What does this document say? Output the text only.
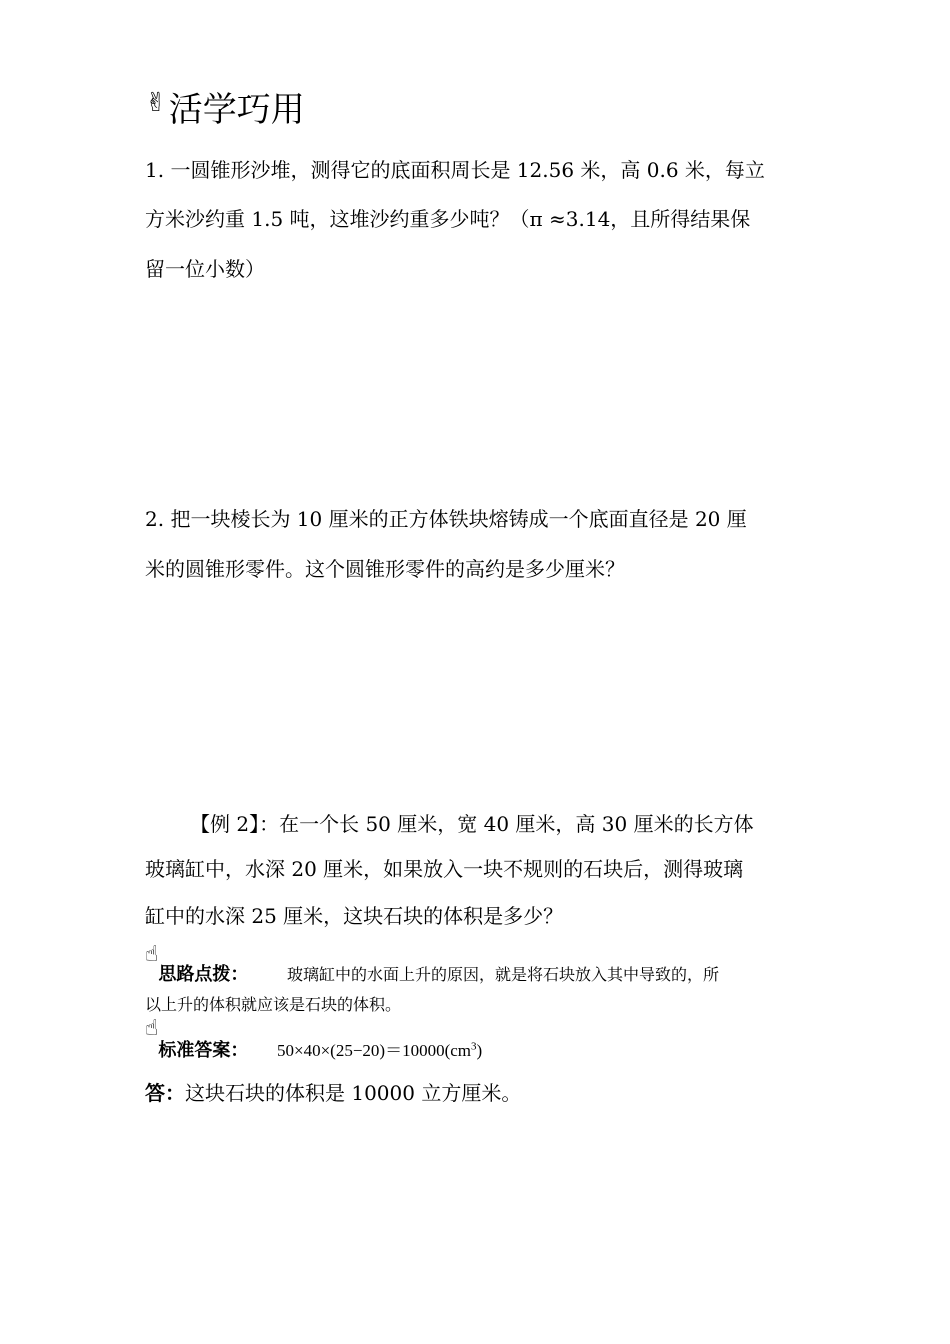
✌活学巧用
1. 一圆锥形沙堆，测得它的底面积周长是 12.56 米，高 0.6 米，每立
方米沙约重 1.5 吨，这堆沙约重多少吨？（π ≈3.14，且所得结果保
留一位小数）
2. 把一块棱长为 10 厘米的正方体铁块熔铸成一个底面直径是 20 厘
米的圆锥形零件。这个圆锥形零件的高约是多少厘米？
【例 2】：在一个长 50 厘米，宽 40 厘米，高 30 厘米的长方体
玻璃缸中，水深 20 厘米，如果放入一块不规则的石块后，测得玻璃
缸中的水深 25 厘米，这块石块的体积是多少？
☝思路点拨： 玻璃缸中的水面上升的原因，就是将石块放入其中导致的，所
以上升的体积就应该是石块的体积。
☝标准答案： $50\times 40\times(25-20)=10000(cm^3)$
答：这块石块的体积是 10000 立方厘米。
